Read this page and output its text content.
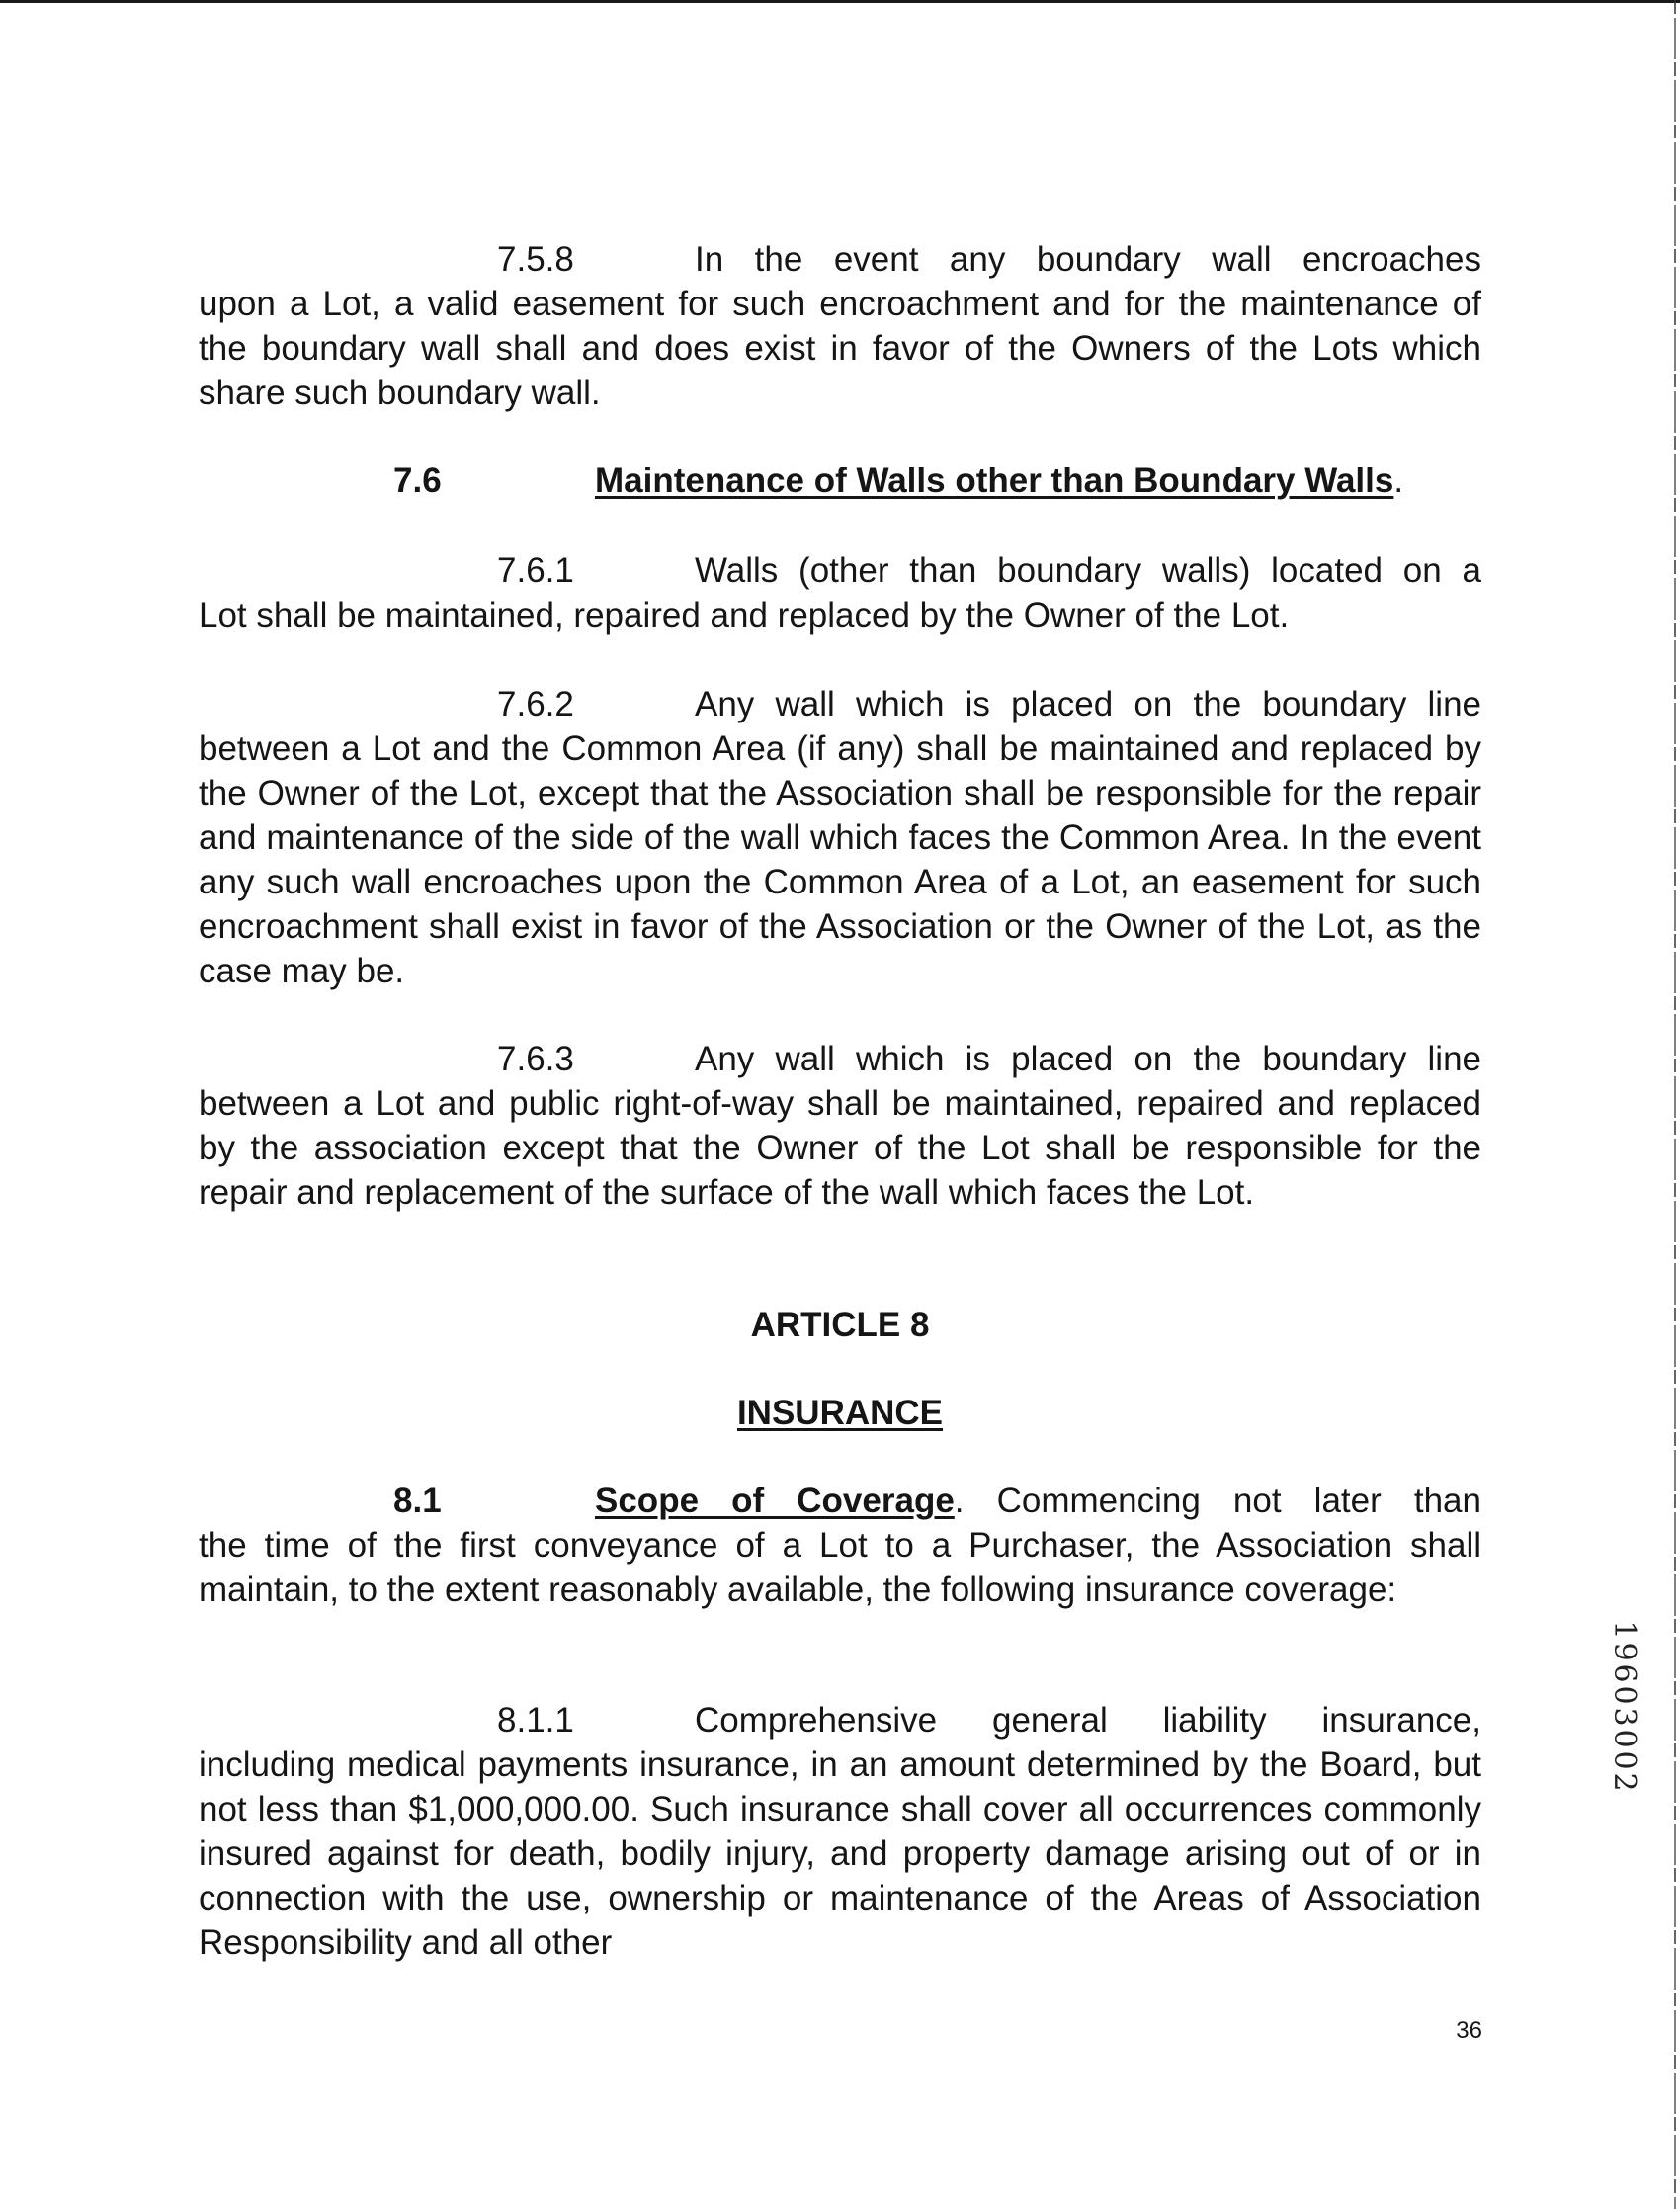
7.5.8	In the event any boundary wall encroaches
upon a Lot, a valid easement for such encroachment and for the maintenance of the boundary wall shall and does exist in favor of the Owners of the Lots which share such boundary wall.

7.6	Maintenance of Walls other than Boundary Walls.

7.6.1	Walls (other than boundary walls) located on a
Lot shall be maintained, repaired and replaced by the Owner of the Lot.

7.6.2	Any wall which is placed on the boundary line
between a Lot and the Common Area (if any) shall be maintained and replaced by the Owner of the Lot, except that the Association shall be responsible for the repair and maintenance of the side of the wall which faces the Common Area. In the event any such wall encroaches upon the Common Area of a Lot, an easement for such encroachment shall exist in favor of the Association or the Owner of the Lot, as the case may be.

7.6.3	Any wall which is placed on the boundary line
between a Lot and public right-of-way shall be maintained, repaired and replaced by the association except that the Owner of the Lot shall be responsible for the repair and replacement of the surface of the wall which faces the Lot.

ARTICLE 8
INSURANCE

8.1	Scope of Coverage. Commencing not later than
the time of the first conveyance of a Lot to a Purchaser, the Association shall maintain, to the extent reasonably available, the following insurance coverage:

8.1.1	Comprehensive general liability insurance,
including medical payments insurance, in an amount determined by the Board, but not less than $1,000,000.00. Such insurance shall cover all occurrences commonly insured against for death, bodily injury, and property damage arising out of or in connection with the use, ownership or maintenance of the Areas of Association Responsibility and all other

36
1
9
6
0
3
0
0
2
